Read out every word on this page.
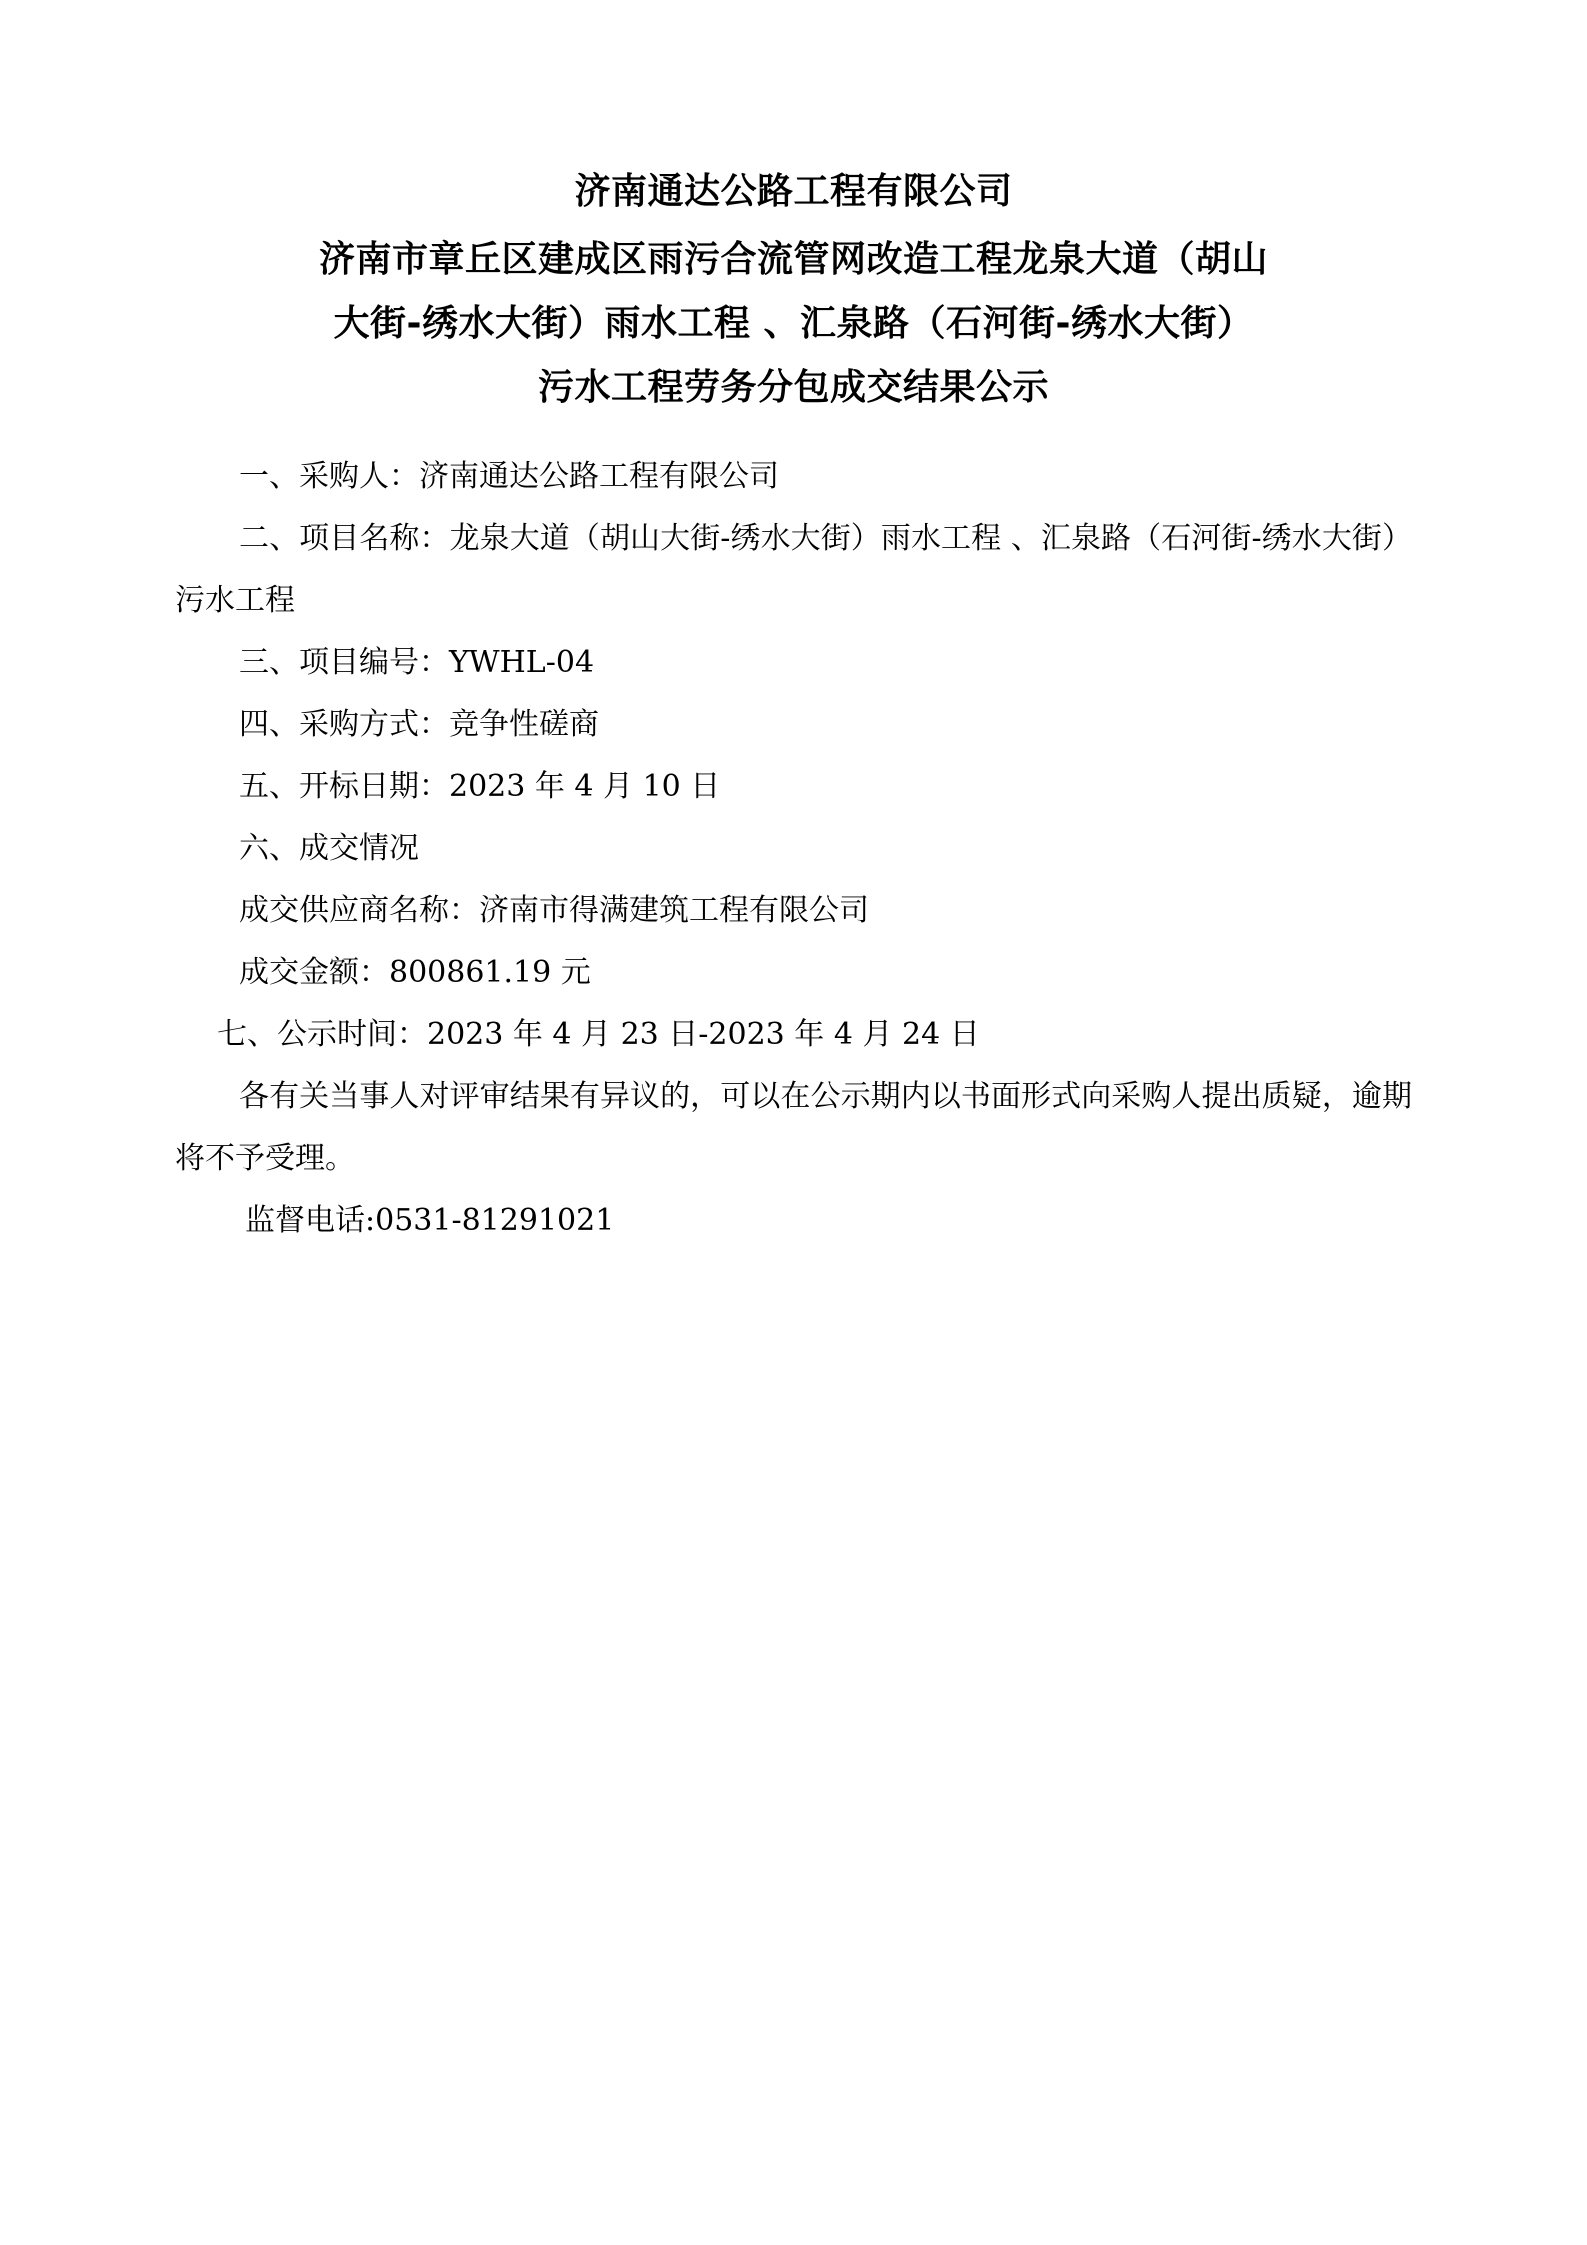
济南通达公路工程有限公司
济南市章丘区建成区雨污合流管网改造工程龙泉大道（胡山
大街-绣水大街）雨水工程 、汇泉路（石河街-绣水大街）
污水工程劳务分包成交结果公示

一、采购人：济南通达公路工程有限公司

二、项目名称：龙泉大道（胡山大街-绣水大街）雨水工程 、汇泉路（石河街-绣水大街）污水工程

三、项目编号：YWHL-04

四、采购方式：竞争性磋商

五、开标日期：2023 年 4 月 10 日

六、成交情况

成交供应商名称：济南市得满建筑工程有限公司

成交金额：800861.19 元

七、公示时间：2023 年 4 月 23 日-2023 年 4 月 24 日

各有关当事人对评审结果有异议的，可以在公示期内以书面形式向采购人提出质疑，逾期将不予受理。

监督电话:0531-81291021
